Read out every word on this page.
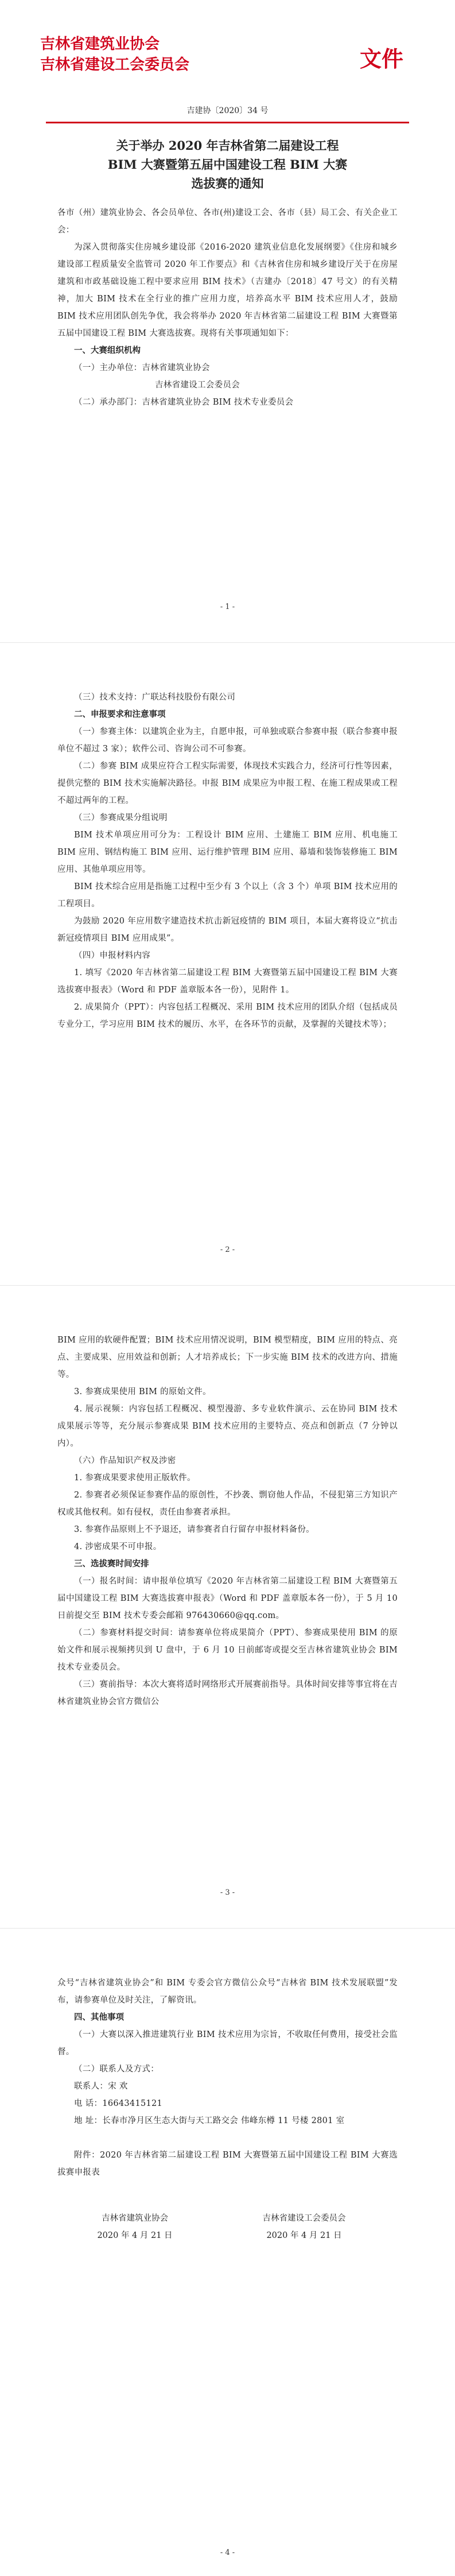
吉林省建筑业协会
吉林省建设工会委员会	文件
吉建协〔2020〕34 号

关于举办 2020 年吉林省第二届建设工程

BIM 大赛暨第五届中国建设工程 BIM 大赛

选拔赛的通知

各市（州）建筑业协会、各会员单位、各市(州)建设工会、各市（县）局工会、有关企业工会：

为深入贯彻落实住房城乡建设部《2016-2020 建筑业信息化发展纲要》《住房和城乡建设部工程质量安全监管司 2020 年工作要点》和《吉林省住房和城乡建设厅关于在房屋建筑和市政基础设施工程中要求应用 BIM 技术》（吉建办〔2018〕47 号文）的有关精神，加大 BIM 技术在全行业的推广应用力度，培养高水平 BIM 技术应用人才，鼓励 BIM 技术应用团队创先争优，我会将举办 2020 年吉林省第二届建设工程 BIM 大赛暨第五届中国建设工程 BIM 大赛选拔赛。现将有关事项通知如下：

一、大赛组织机构

（一）主办单位：吉林省建筑业协会

吉林省建设工会委员会

（二）承办部门：吉林省建筑业协会 BIM 技术专业委员会

- 1 -

（三）技术支持：广联达科技股份有限公司

二、申报要求和注意事项

（一）参赛主体：以建筑企业为主，自愿申报，可单独或联合参赛申报（联合参赛申报单位不超过 3 家）；软件公司、咨询公司不可参赛。

（二）参赛 BIM 成果应符合工程实际需要，体现技术实践合力，经济可行性等因素，提供完整的 BIM 技术实施解决路径。申报 BIM 成果应为申报工程、在施工程成果或工程不超过两年的工程。

（三）参赛成果分组说明

BIM 技术单项应用可分为：工程设计 BIM 应用、土建施工 BIM 应用、机电施工 BIM 应用、钢结构施工 BIM 应用、运行维护管理 BIM 应用、幕墙和装饰装修施工 BIM 应用、其他单项应用等。

BIM 技术综合应用是指施工过程中至少有 3 个以上（含 3 个）单项 BIM 技术应用的工程项目。

为鼓励 2020 年应用数字建造技术抗击新冠疫情的 BIM 项目，本届大赛将设立“抗击新冠疫情项目 BIM 应用成果”。

（四）申报材料内容

1. 填写《2020 年吉林省第二届建设工程 BIM 大赛暨第五届中国建设工程 BIM 大赛选拔赛申报表》（Word 和 PDF 盖章版本各一份），见附件 1。

2. 成果简介（PPT）：内容包括工程概况、采用 BIM 技术应用的团队介绍（包括成员专业分工，学习应用 BIM 技术的履历、水平，在各环节的贡献，及掌握的关键技术等）；

- 2 -

BIM 应用的软硬件配置；BIM 技术应用情况说明，BIM 模型精度，BIM 应用的特点、亮点、主要成果、应用效益和创新；人才培养成长；下一步实施 BIM 技术的改进方向、措施等。

3. 参赛成果使用 BIM 的原始文件。

4. 展示视频：内容包括工程概况、模型漫游、多专业软件演示、云在协同 BIM 技术成果展示等等，充分展示参赛成果 BIM 技术应用的主要特点、亮点和创新点（7 分钟以内）。

（六）作品知识产权及涉密

1. 参赛成果要求使用正版软件。

2. 参赛者必须保证参赛作品的原创性，不抄袭、剽窃他人作品，不侵犯第三方知识产权或其他权利。如有侵权，责任由参赛者承担。

3. 参赛作品原则上不予退还，请参赛者自行留存申报材料备份。

4. 涉密成果不可申报。

三、选拔赛时间安排

（一）报名时间：请申报单位填写《2020 年吉林省第二届建设工程 BIM 大赛暨第五届中国建设工程 BIM 大赛选拔赛申报表》（Word 和 PDF 盖章版本各一份），于 5 月 10 日前提交至 BIM 技术专委会邮箱 976430660@qq.com。

（二）参赛材料提交时间：请参赛单位将成果简介（PPT）、参赛成果使用 BIM 的原始文件和展示视频拷贝到 U 盘中，于 6 月 10 日前邮寄或提交至吉林省建筑业协会 BIM 技术专业委员会。

（三）赛前指导：本次大赛将适时网络形式开展赛前指导。具体时间安排等事宜将在吉林省建筑业协会官方微信公

- 3 -

众号“吉林省建筑业协会”和 BIM 专委会官方微信公众号“吉林省 BIM 技术发展联盟”发布，请参赛单位及时关注，了解资讯。

四、其他事项

（一）大赛以深入推进建筑行业 BIM 技术应用为宗旨，不收取任何费用，接受社会监督。

（二）联系人及方式：

联系人：宋 欢

电 话：16643415121

地 址：长春市净月区生态大街与天工路交会 伟峰东樽 11 号楼 2801 室

附件：2020 年吉林省第二届建设工程 BIM 大赛暨第五届中国建设工程 BIM 大赛选拔赛申报表

吉林省建筑业协会
2020 年 4 月 21 日
吉林省建设工会委员会
2020 年 4 月 21 日
- 4 -
